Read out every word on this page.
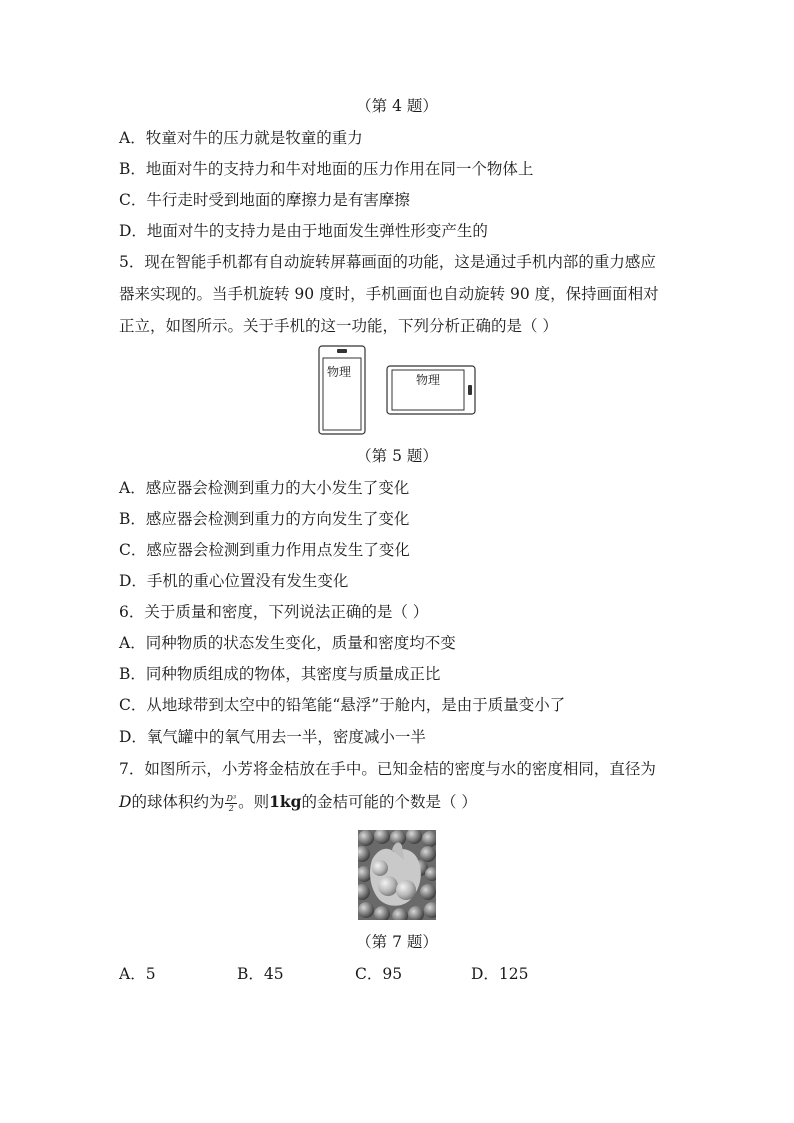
（第 4 题）
A．牧童对牛的压力就是牧童的重力
B．地面对牛的支持力和牛对地面的压力作用在同一个物体上
C．牛行走时受到地面的摩擦力是有害摩擦
D．地面对牛的支持力是由于地面发生弹性形变产生的
5．现在智能手机都有自动旋转屏幕画面的功能，这是通过手机内部的重力感应
器来实现的。当手机旋转 90 度时，手机画面也自动旋转 90 度，保持画面相对
正立，如图所示。关于手机的这一功能，下列分析正确的是（ ）
物理
物理
（第 5 题）
A．感应器会检测到重力的大小发生了变化
B．感应器会检测到重力的方向发生了变化
C．感应器会检测到重力作用点发生了变化
D．手机的重心位置没有发生变化
6．关于质量和密度，下列说法正确的是（ ）
A．同种物质的状态发生变化，质量和密度均不变
B．同种物质组成的物体，其密度与质量成正比
C．从地球带到太空中的铅笔能“悬浮”于舱内，是由于质量变小了
D．氧气罐中的氧气用去一半，密度减小一半
7．如图所示，小芳将金桔放在手中。已知金桔的密度与水的密度相同，直径为
D的球体积约为 $\frac{\text{D³}}{2}$ 。则1kg的金桔可能的个数是（ ）
（第 7 题）
A．5	B．45	C．95	D．125
